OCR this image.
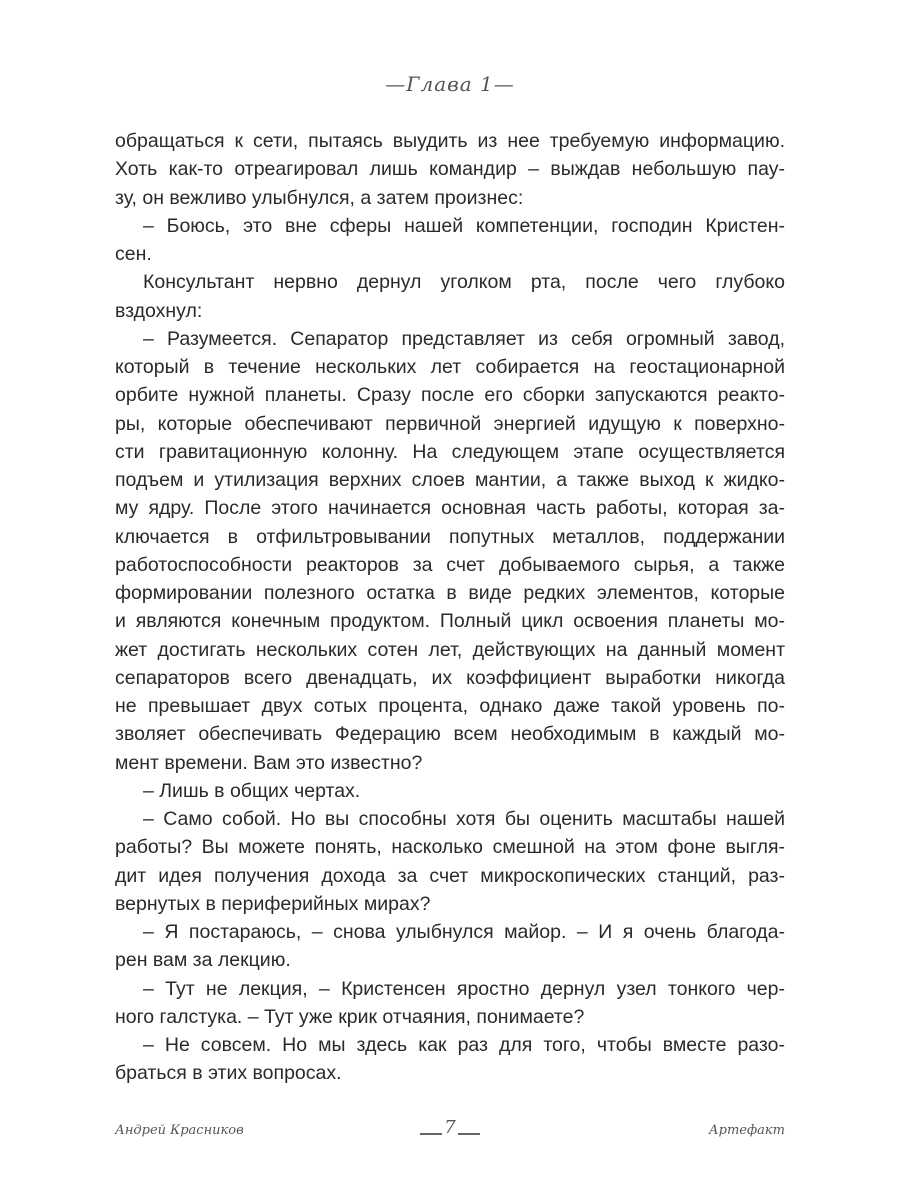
—Глава 1—
обращаться к сети, пытаясь выудить из нее требуемую информацию.
Хоть как-то отреагировал лишь командир – выждав небольшую пау-
зу, он вежливо улыбнулся, а затем произнес:
– Боюсь, это вне сферы нашей компетенции, господин Кристен-
сен.
Консультант нервно дернул уголком рта, после чего глубоко
вздохнул:
– Разумеется. Сепаратор представляет из себя огромный завод,
который в течение нескольких лет собирается на геостационарной
орбите нужной планеты. Сразу после его сборки запускаются реакто-
ры, которые обеспечивают первичной энергией идущую к поверхно-
сти гравитационную колонну. На следующем этапе осуществляется
подъем и утилизация верхних слоев мантии, а также выход к жидко-
му ядру. После этого начинается основная часть работы, которая за-
ключается в отфильтровывании попутных металлов, поддержании
работоспособности реакторов за счет добываемого сырья, а также
формировании полезного остатка в виде редких элементов, которые
и являются конечным продуктом. Полный цикл освоения планеты мо-
жет достигать нескольких сотен лет, действующих на данный момент
сепараторов всего двенадцать, их коэффициент выработки никогда
не превышает двух сотых процента, однако даже такой уровень по-
зволяет обеспечивать Федерацию всем необходимым в каждый мо-
мент времени. Вам это известно?
– Лишь в общих чертах.
– Само собой. Но вы способны хотя бы оценить масштабы нашей
работы? Вы можете понять, насколько смешной на этом фоне выгля-
дит идея получения дохода за счет микроскопических станций, раз-
вернутых в периферийных мирах?
– Я постараюсь, – снова улыбнулся майор. – И я очень благода-
рен вам за лекцию.
– Тут не лекция, – Кристенсен яростно дернул узел тонкого чер-
ного галстука. – Тут уже крик отчаяния, понимаете?
– Не совсем. Но мы здесь как раз для того, чтобы вместе разо-
браться в этих вопросах.
Андрей Красников	7	Артефакт
